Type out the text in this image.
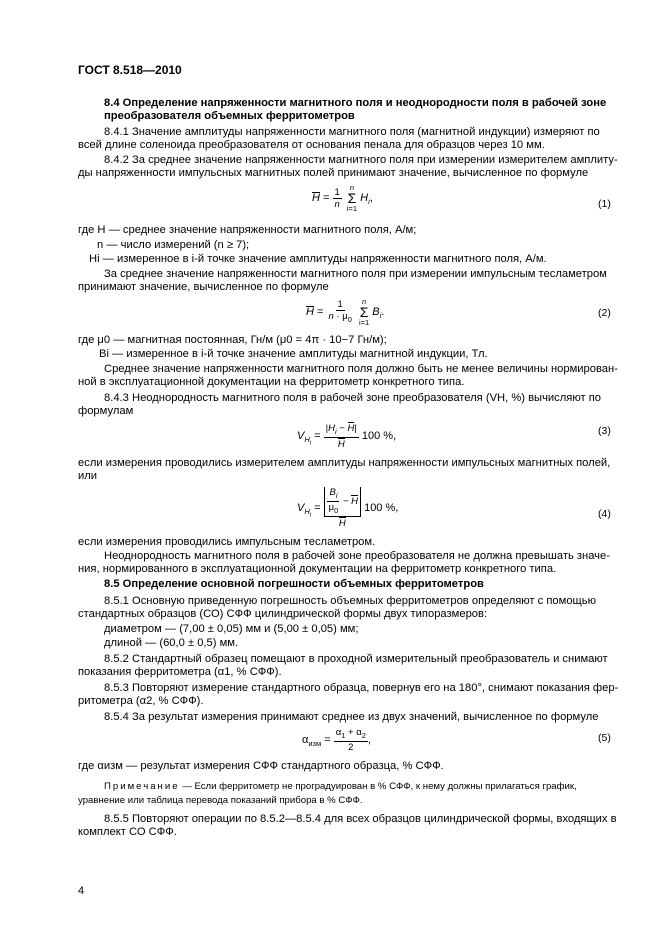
ГОСТ 8.518—2010
8.4 Определение напряженности магнитного поля и неоднородности поля в рабочей зоне
преобразователя объемных ферритометров
8.4.1 Значение амплитуды напряженности магнитного поля (магнитной индукции) измеряют по
всей длине соленоида преобразователя от основания пенала для образцов через 10 мм.
8.4.2 За среднее значение напряженности магнитного поля при измерении измерителем амплиту-
ды напряженности импульсных магнитных полей принимают значение, вычисленное по формуле
где H — среднее значение напряженности магнитного поля, А/м;
n — число измерений (n ≥ 7);
Hi — измеренное в i-й точке значение амплитуды напряженности магнитного поля, А/м.
За среднее значение напряженности магнитного поля при измерении импульсным тесламетром
принимают значение, вычисленное по формуле
где μ0 — магнитная постоянная, Гн/м (μ0 = 4π · 10−7 Гн/м);
Bi — измеренное в i-й точке значение амплитуды магнитной индукции, Тл.
Среднее значение напряженности магнитного поля должно быть не менее величины нормирован-
ной в эксплуатационной документации на ферритометр конкретного типа.
8.4.3 Неоднородность магнитного поля в рабочей зоне преобразователя (VH, %) вычисляют по
формулам
если измерения проводились измерителем амплитуды напряженности импульсных магнитных полей,
или
если измерения проводились импульсным тесламетром.
Неоднородность магнитного поля в рабочей зоне преобразователя не должна превышать значе-
ния, нормированного в эксплуатационной документации на ферритометр конкретного типа.
8.5 Определение основной погрешности объемных ферритометров
8.5.1 Основную приведенную погрешность объемных ферритометров определяют с помощью
стандартных образцов (СО) СФФ цилиндрической формы двух типоразмеров:
диаметром — (7,00 ± 0,05) мм и (5,00 ± 0,05) мм;
длиной — (60,0 ± 0,5) мм.
8.5.2 Стандартный образец помещают в проходной измерительный преобразователь и снимают
показания ферритометра (α1, % СФФ).
8.5.3 Повторяют измерение стандартного образца, повернув его на 180°, снимают показания фер-
ритометра (α2, % СФФ).
8.5.4 За результат измерения принимают среднее из двух значений, вычисленное по формуле
где αизм — результат измерения СФФ стандартного образца, % СФФ.
8.5.5 Повторяют операции по 8.5.2—8.5.4 для всех образцов цилиндрической формы, входящих в
комплект СО СФФ.
$H = \frac{1}{n}$
n
Σ
i=1
$H_i$,
(1)
$H = \frac{1}{n \cdot \mu_0}$
n
Σ
i=1
$B_i$.	(2)
$V_{H_i} = \frac{|H_i - H|}{H} 100$ %,	(3)
$V_{H_i} = \frac{\frac{B_i}{\mu_0} - H}{H} 100$ %,
(4)
$\alpha_{изм} = \frac{\alpha_1 + \alpha_2}{2}$ ,	(5)
Примечание — Если ферритометр не проградуирован в % СФФ, к нему должны прилагаться график,
уравнение или таблица перевода показаний прибора в % СФФ.
4
